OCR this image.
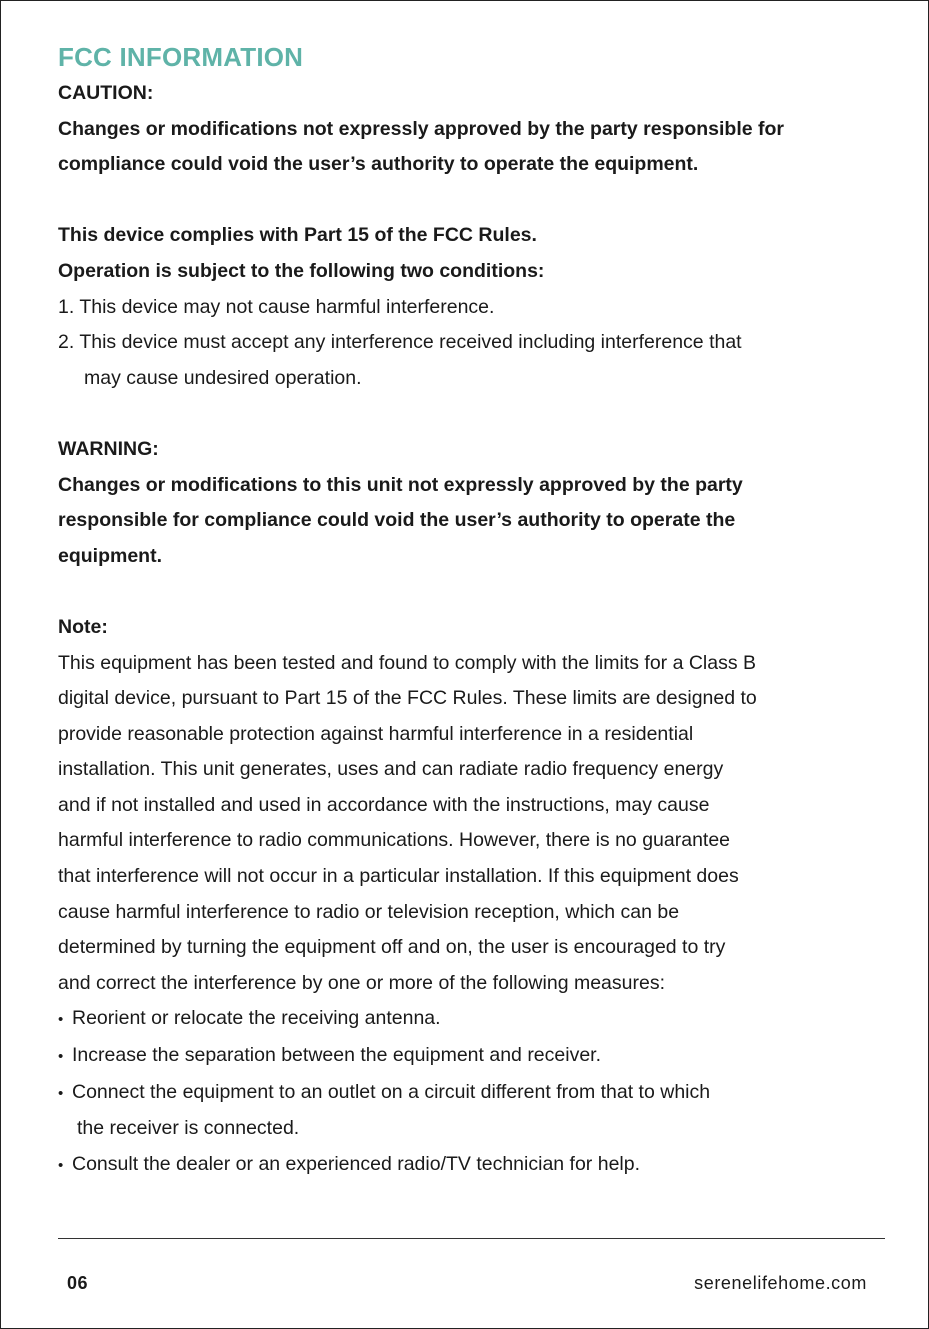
FCC INFORMATION
CAUTION:
Changes or modifications not expressly approved by the party responsible for
compliance could void the user’s authority to operate the equipment.
This device complies with Part 15 of the FCC Rules.
Operation is subject to the following two conditions:
1. This device may not cause harmful interference.
2. This device must accept any interference received including interference that
may cause undesired operation.
WARNING:
Changes or modifications to this unit not expressly approved by the party
responsible for compliance could void the user’s authority to operate the
equipment.
Note:
This equipment has been tested and found to comply with the limits for a Class B
digital device, pursuant to Part 15 of the FCC Rules. These limits are designed to
provide reasonable protection against harmful interference in a residential
installation. This unit generates, uses and can radiate radio frequency energy
and if not installed and used in accordance with the instructions, may cause
harmful interference to radio communications. However, there is no guarantee
that interference will not occur in a particular installation. If this equipment does
cause harmful interference to radio or television reception, which can be
determined by turning the equipment off and on, the user is encouraged to try
and correct the interference by one or more of the following measures:
• Reorient or relocate the receiving antenna.
• Increase the separation between the equipment and receiver.
• Connect the equipment to an outlet on a circuit different from that to which
the receiver is connected.
• Consult the dealer or an experienced radio/TV technician for help.
06	serenelifehome.com
